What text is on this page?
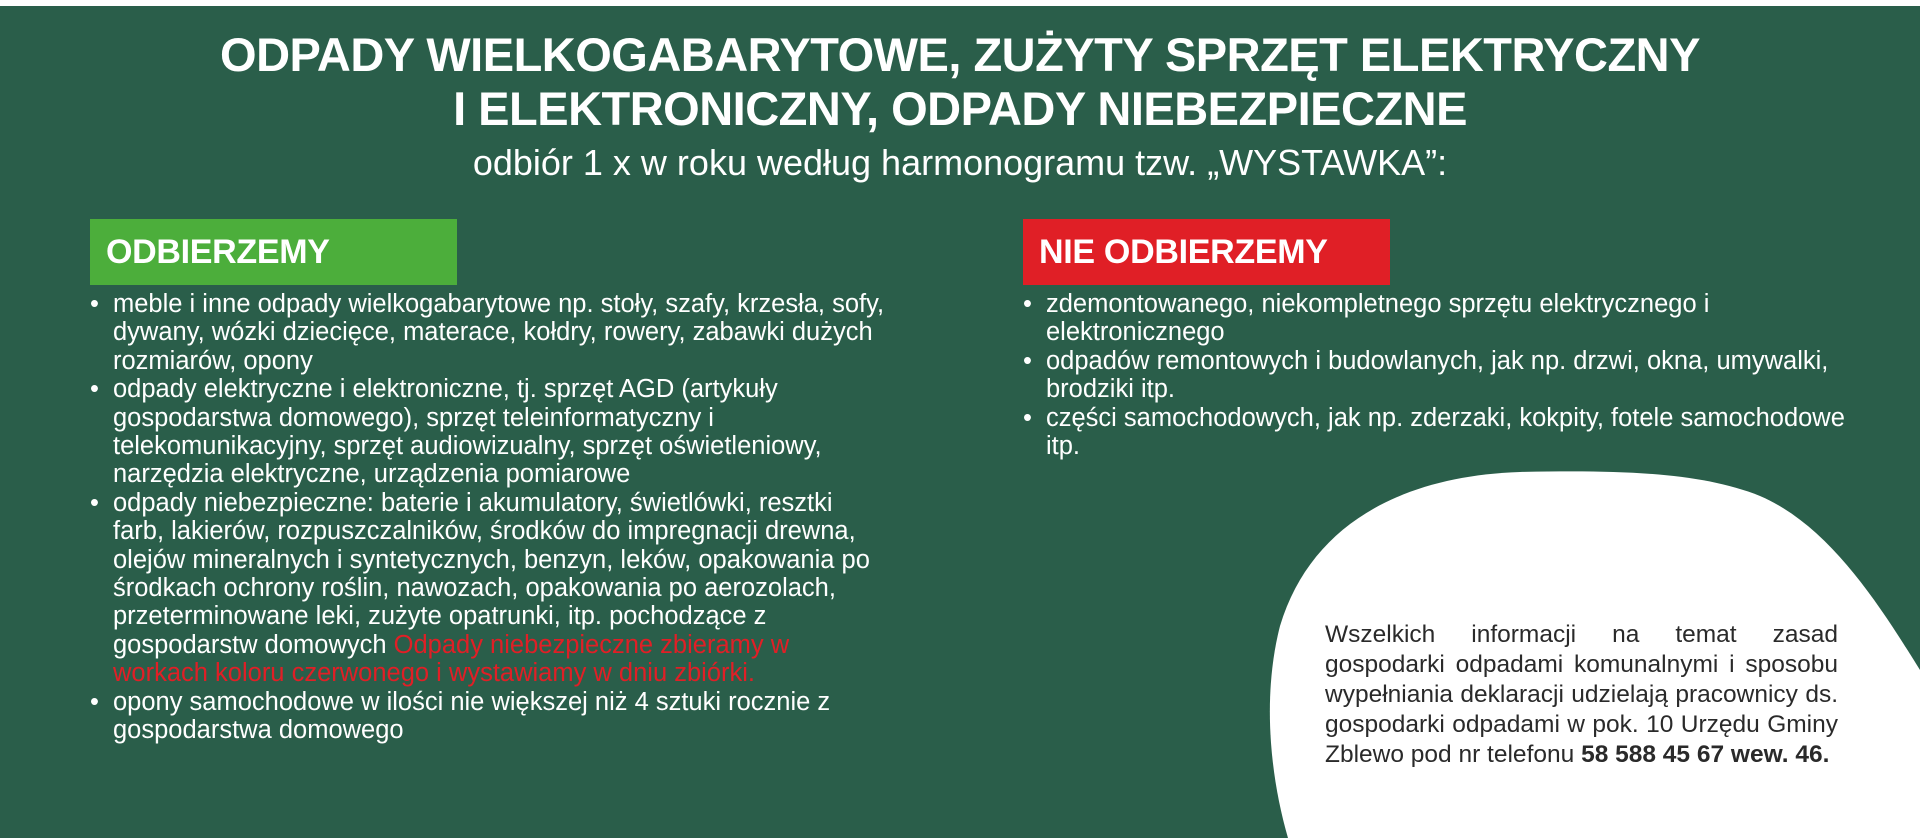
ODPADY WIELKOGABARYTOWE, ZUŻYTY SPRZĘT ELEKTRYCZNY
I ELEKTRONICZNY, ODPADY NIEBEZPIECZNE

odbiór 1 x w roku według harmonogramu tzw. „WYSTAWKA”:

ODBIERZEMY	NIE ODBIERZEMY
• meble i inne odpady wielkogabarytowe np. stoły, szafy, krzesła, sofy, dywany, wózki dziecięce, materace, kołdry, rowery, zabawki dużych rozmiarów, opony
• odpady elektryczne i elektroniczne, tj. sprzęt AGD (artykuły gospodarstwa domowego), sprzęt teleinformatyczny i telekomunikacyjny, sprzęt audiowizualny, sprzęt oświetleniowy, narzędzia elektryczne, urządzenia pomiarowe
• odpady niebezpieczne: baterie i akumulatory, świetlówki, resztki farb, lakierów, rozpuszczalników, środków do impregnacji drewna, olejów mineralnych i syntetycznych, benzyn, leków, opakowania po środkach ochrony roślin, nawozach, opakowania po aerozolach, przeterminowane leki, zużyte opatrunki, itp. pochodzące z gospodarstw domowych Odpady niebezpieczne zbieramy w workach koloru czerwonego i wystawiamy w dniu zbiórki.
• opony samochodowe w ilości nie większej niż 4 sztuki rocznie z gospodarstwa domowego
• zdemontowanego, niekompletnego sprzętu elektrycznego i elektronicznego
• odpadów remontowych i budowlanych, jak np. drzwi, okna, umywalki, brodziki itp.
• części samochodowych, jak np. zderzaki, kokpity, fotele samochodowe itp.

Wszelkich informacji na temat zasad gospodarki odpadami komunalnymi i sposobu wypełniania deklaracji udzielają pracownicy ds. gospodarki odpadami w pok. 10 Urzędu Gminy Zblewo pod nr telefonu 58 588 45 67 wew. 46.
